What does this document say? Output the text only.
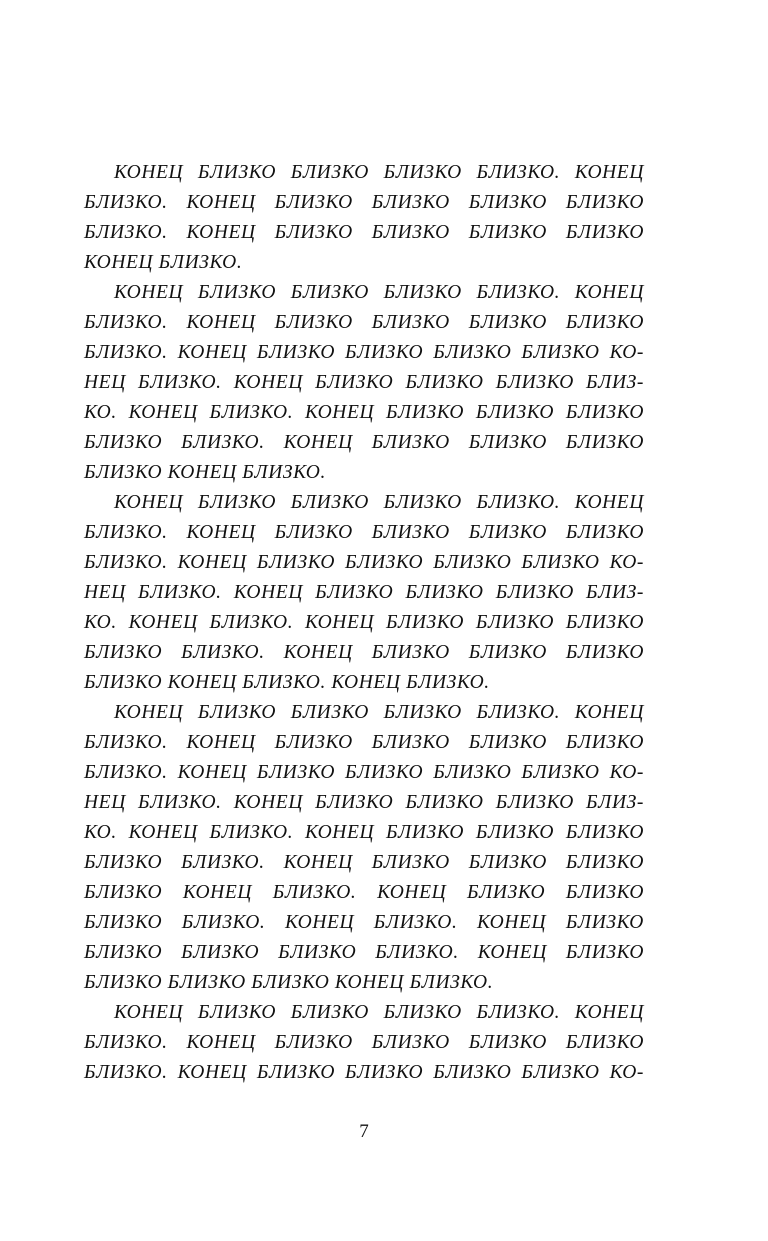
КОНЕЦ БЛИЗКО БЛИЗКО БЛИЗКО БЛИЗКО. КОНЕЦ
БЛИЗКО. КОНЕЦ БЛИЗКО БЛИЗКО БЛИЗКО БЛИЗКО
БЛИЗКО. КОНЕЦ БЛИЗКО БЛИЗКО БЛИЗКО БЛИЗКО
КОНЕЦ БЛИЗКО.
КОНЕЦ БЛИЗКО БЛИЗКО БЛИЗКО БЛИЗКО. КОНЕЦ
БЛИЗКО. КОНЕЦ БЛИЗКО БЛИЗКО БЛИЗКО БЛИЗКО
БЛИЗКО. КОНЕЦ БЛИЗКО БЛИЗКО БЛИЗКО БЛИЗКО КО-
НЕЦ БЛИЗКО. КОНЕЦ БЛИЗКО БЛИЗКО БЛИЗКО БЛИЗ-
КО. КОНЕЦ БЛИЗКО. КОНЕЦ БЛИЗКО БЛИЗКО БЛИЗКО
БЛИЗКО БЛИЗКО. КОНЕЦ БЛИЗКО БЛИЗКО БЛИЗКО
БЛИЗКО КОНЕЦ БЛИЗКО.
КОНЕЦ БЛИЗКО БЛИЗКО БЛИЗКО БЛИЗКО. КОНЕЦ
БЛИЗКО. КОНЕЦ БЛИЗКО БЛИЗКО БЛИЗКО БЛИЗКО
БЛИЗКО. КОНЕЦ БЛИЗКО БЛИЗКО БЛИЗКО БЛИЗКО КО-
НЕЦ БЛИЗКО. КОНЕЦ БЛИЗКО БЛИЗКО БЛИЗКО БЛИЗ-
КО. КОНЕЦ БЛИЗКО. КОНЕЦ БЛИЗКО БЛИЗКО БЛИЗКО
БЛИЗКО БЛИЗКО. КОНЕЦ БЛИЗКО БЛИЗКО БЛИЗКО
БЛИЗКО КОНЕЦ БЛИЗКО. КОНЕЦ БЛИЗКО.
КОНЕЦ БЛИЗКО БЛИЗКО БЛИЗКО БЛИЗКО. КОНЕЦ
БЛИЗКО. КОНЕЦ БЛИЗКО БЛИЗКО БЛИЗКО БЛИЗКО
БЛИЗКО. КОНЕЦ БЛИЗКО БЛИЗКО БЛИЗКО БЛИЗКО КО-
НЕЦ БЛИЗКО. КОНЕЦ БЛИЗКО БЛИЗКО БЛИЗКО БЛИЗ-
КО. КОНЕЦ БЛИЗКО. КОНЕЦ БЛИЗКО БЛИЗКО БЛИЗКО
БЛИЗКО БЛИЗКО. КОНЕЦ БЛИЗКО БЛИЗКО БЛИЗКО
БЛИЗКО КОНЕЦ БЛИЗКО. КОНЕЦ БЛИЗКО БЛИЗКО
БЛИЗКО БЛИЗКО. КОНЕЦ БЛИЗКО. КОНЕЦ БЛИЗКО
БЛИЗКО БЛИЗКО БЛИЗКО БЛИЗКО. КОНЕЦ БЛИЗКО
БЛИЗКО БЛИЗКО БЛИЗКО КОНЕЦ БЛИЗКО.
КОНЕЦ БЛИЗКО БЛИЗКО БЛИЗКО БЛИЗКО. КОНЕЦ
БЛИЗКО. КОНЕЦ БЛИЗКО БЛИЗКО БЛИЗКО БЛИЗКО
БЛИЗКО. КОНЕЦ БЛИЗКО БЛИЗКО БЛИЗКО БЛИЗКО КО-
7
